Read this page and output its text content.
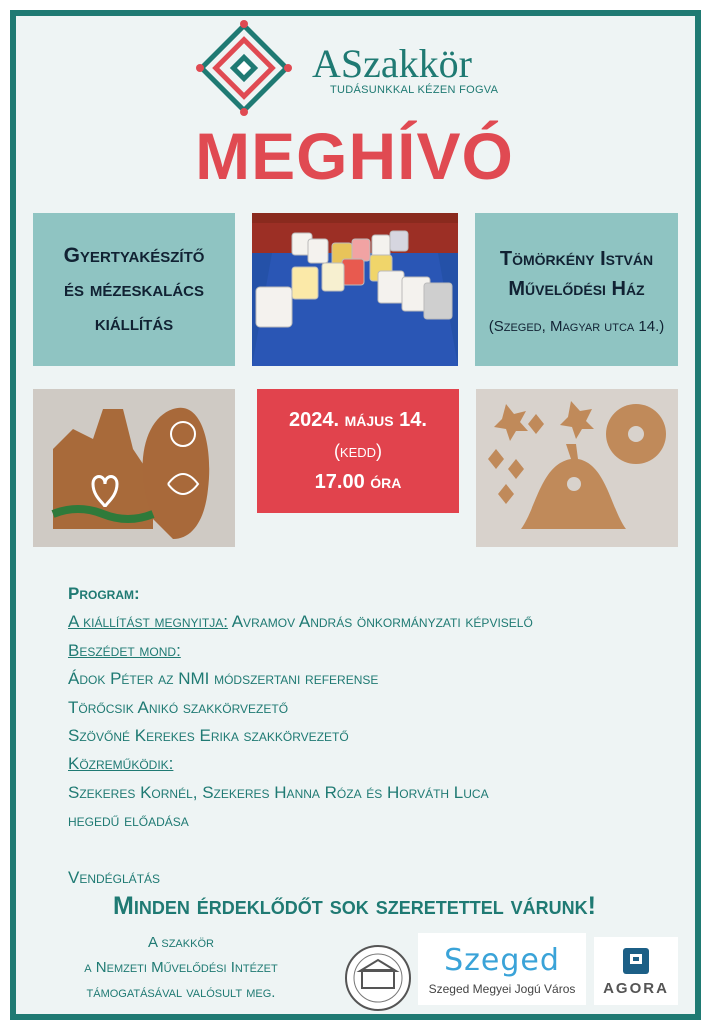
ASzakkör
TUDÁSUNKKAL KÉZEN FOGVA
MEGHÍVÓ
Gyertyakészítő
és mézeskalács
kiállítás
Tömörkény István
Művelődési Ház
(Szeged, Magyar utca 14.)
2024. május 14.
(kedd)
17.00 óra
Program:
A kiállítást megnyitja: Avramov András önkormányzati képviselő
Beszédet mond:
Ádok Péter az NMI módszertani referense
Törőcsik Anikó szakkörvezető
Szövőné Kerekes Erika szakkörvezető
Közreműködik:
Szekeres Kornél, Szekeres Hanna Róza és Horváth Luca
hegedű előadása
Vendéglátás
Minden érdeklődőt sok szeretettel várunk!
A szakkör
a Nemzeti Művelődési Intézet
támogatásával valósult meg.
Szeged
Szeged Megyei Jogú Város AGORA
